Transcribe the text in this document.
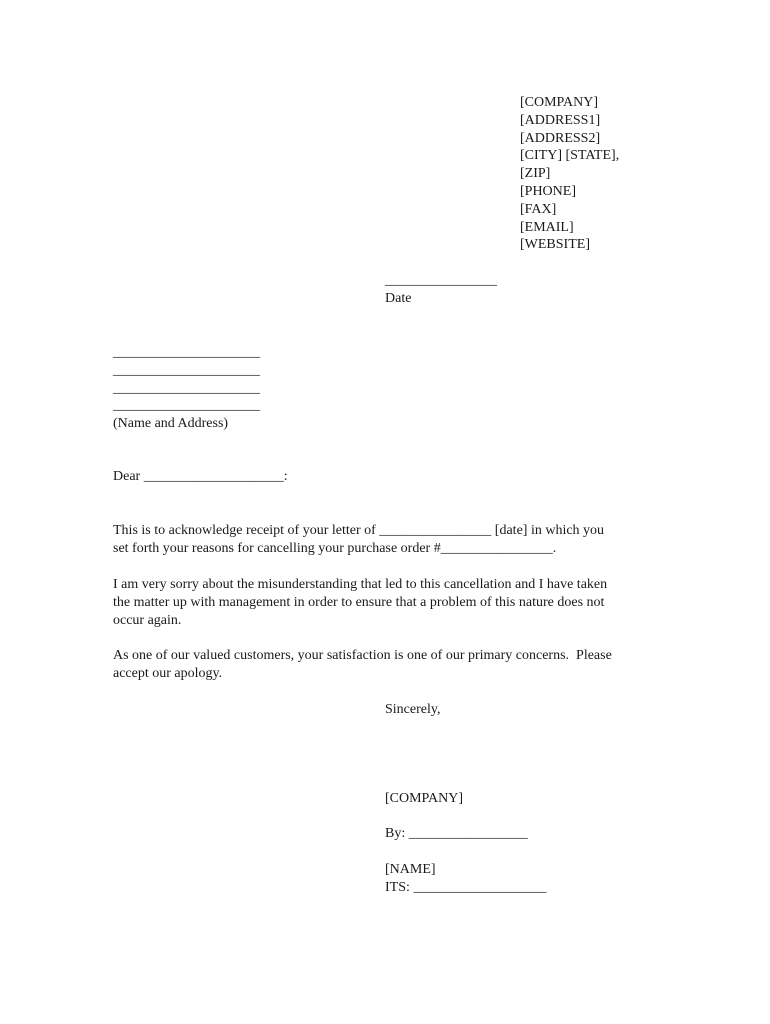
[COMPANY]
[ADDRESS1]
[ADDRESS2]
[CITY] [STATE],
[ZIP]
[PHONE]
[FAX]
[EMAIL]
[WEBSITE]
________________
Date
_____________________
_____________________
_____________________
_____________________
(Name and Address)
Dear ____________________:
This is to acknowledge receipt of your letter of ________________ [date] in which you
set forth your reasons for cancelling your purchase order #________________.
I am very sorry about the misunderstanding that led to this cancellation and I have taken
the matter up with management in order to ensure that a problem of this nature does not
occur again.
As one of our valued customers, your satisfaction is one of our primary concerns.  Please
accept our apology.
Sincerely,
[COMPANY]
By: _________________
[NAME]
ITS: ___________________
